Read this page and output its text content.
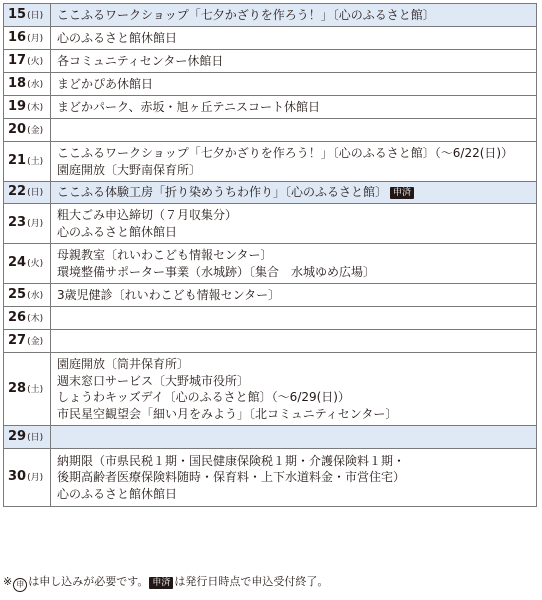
15(日)	ここふるワークショップ「七夕かざりを作ろう！」〔心のふるさと館〕

16(月)	心のふるさと館休館日

17(火)	各コミュニティセンター休館日

18(水)	まどかぴあ休館日

19(木)	まどかパーク、赤坂・旭ヶ丘テニスコート休館日

20(金)	
21(土)	ここふるワークショップ「七夕かざりを作ろう！」〔心のふるさと館〕（～6/22(日)）
園庭開放〔大野南保育所〕

22(日)	ここふる体験工房「折り染めうちわ作り」〔心のふるさと館〕 申済

23(月)	粗大ごみ申込締切（７月収集分）
心のふるさと館休館日

24(火)	母親教室〔れいわこども情報センター〕
環境整備サポーター事業（水城跡）〔集合　水城ゆめ広場〕

25(水)	3歳児健診〔れいわこども情報センター〕

26(木)	
27(金)	
28(土)	園庭開放〔筒井保育所〕
週末窓口サービス〔大野城市役所〕
しょうわキッズデイ〔心のふるさと館〕（～6/29(日)）
市民星空観望会「細い月をみよう」〔北コミュニティセンター〕

29(日)	
30(月)	納期限（市県民税１期・国民健康保険税１期・介護保険料１期・
後期高齢者医療保険料随時・保育料・上下水道料金・市営住宅）
心のふるさと館休館日
※ 申 は申し込みが必要です。 申済 は発行日時点で申込受付終了。
